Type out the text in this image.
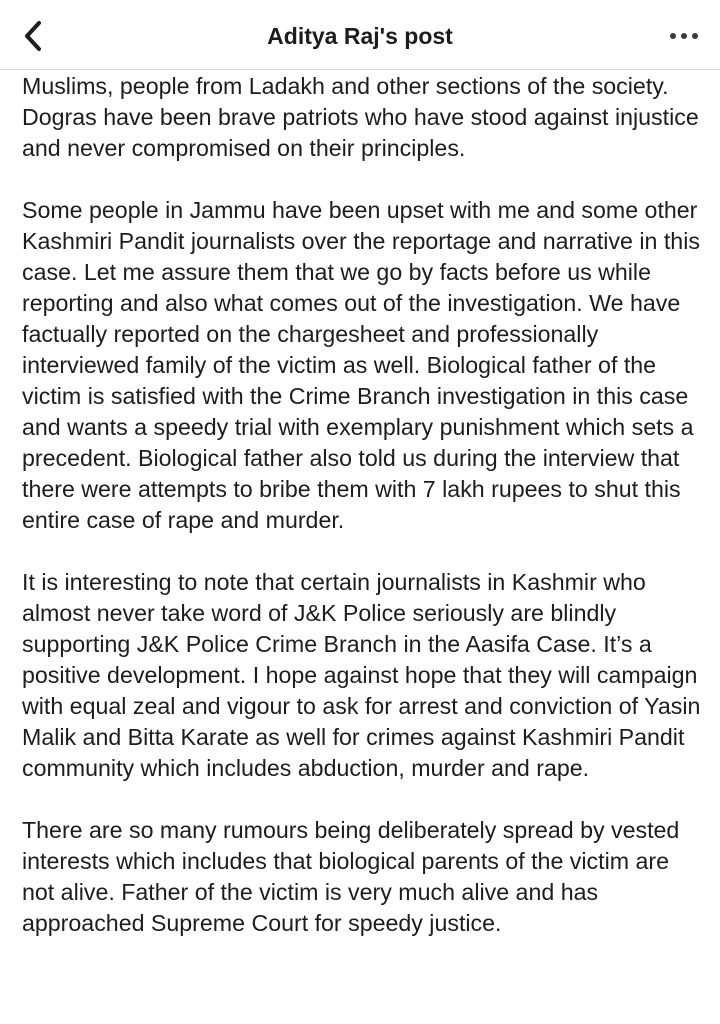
Aditya Raj's post

Muslims, people from Ladakh and other sections of the society. Dogras have been brave patriots who have stood against injustice and never compromised on their principles.

Some people in Jammu have been upset with me and some other Kashmiri Pandit journalists over the reportage and narrative in this case. Let me assure them that we go by facts before us while reporting and also what comes out of the investigation. We have factually reported on the chargesheet and professionally interviewed family of the victim as well. Biological father of the victim is satisfied with the Crime Branch investigation in this case and wants a speedy trial with exemplary punishment which sets a precedent. Biological father also told us during the interview that there were attempts to bribe them with 7 lakh rupees to shut this entire case of rape and murder.

It is interesting to note that certain journalists in Kashmir who almost never take word of J&K Police seriously are blindly supporting J&K Police Crime Branch in the Aasifa Case. It’s a positive development. I hope against hope that they will campaign with equal zeal and vigour to ask for arrest and conviction of Yasin Malik and Bitta Karate as well for crimes against Kashmiri Pandit community which includes abduction, murder and rape.

There are so many rumours being deliberately spread by vested interests which includes that biological parents of the victim are not alive. Father of the victim is very much alive and has approached Supreme Court for speedy justice.
